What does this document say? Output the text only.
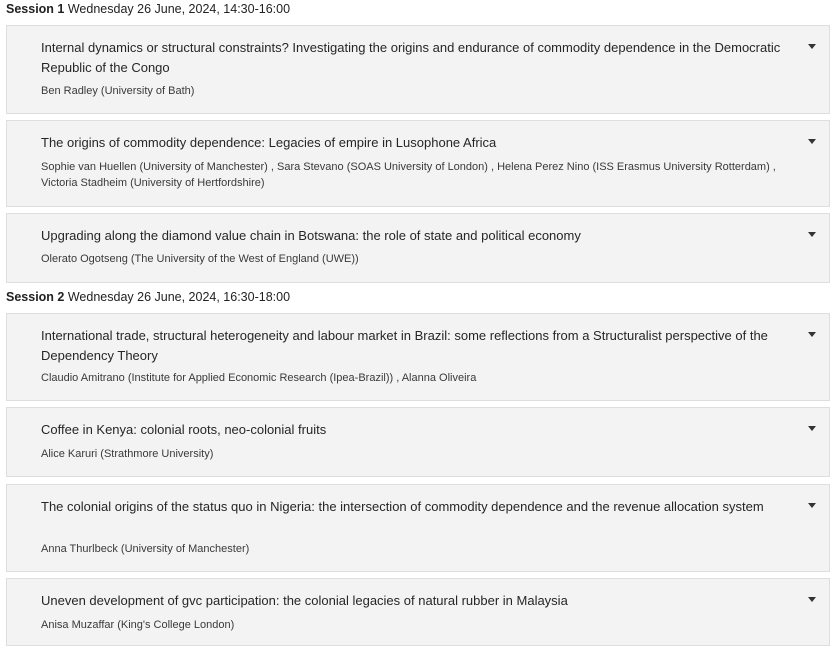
Session 1 Wednesday 26 June, 2024, 14:30-16:00
Internal dynamics or structural constraints? Investigating the origins and endurance of commodity dependence in the Democratic Republic of the Congo
Ben Radley (University of Bath)
The origins of commodity dependence: Legacies of empire in Lusophone Africa
Sophie van Huellen (University of Manchester) , Sara Stevano (SOAS University of London) , Helena Perez Nino (ISS Erasmus University Rotterdam) , Victoria Stadheim (University of Hertfordshire)
Upgrading along the diamond value chain in Botswana: the role of state and political economy
Olerato Ogotseng (The University of the West of England (UWE))
Session 2 Wednesday 26 June, 2024, 16:30-18:00
International trade, structural heterogeneity and labour market in Brazil: some reflections from a Structuralist perspective of the Dependency Theory
Claudio Amitrano (Institute for Applied Economic Research (Ipea-Brazil)) , Alanna Oliveira
Coffee in Kenya: colonial roots, neo-colonial fruits
Alice Karuri (Strathmore University)
The colonial origins of the status quo in Nigeria: the intersection of commodity dependence and the revenue allocation system
Anna Thurlbeck (University of Manchester)
Uneven development of gvc participation: the colonial legacies of natural rubber in Malaysia
Anisa Muzaffar (King's College London)
